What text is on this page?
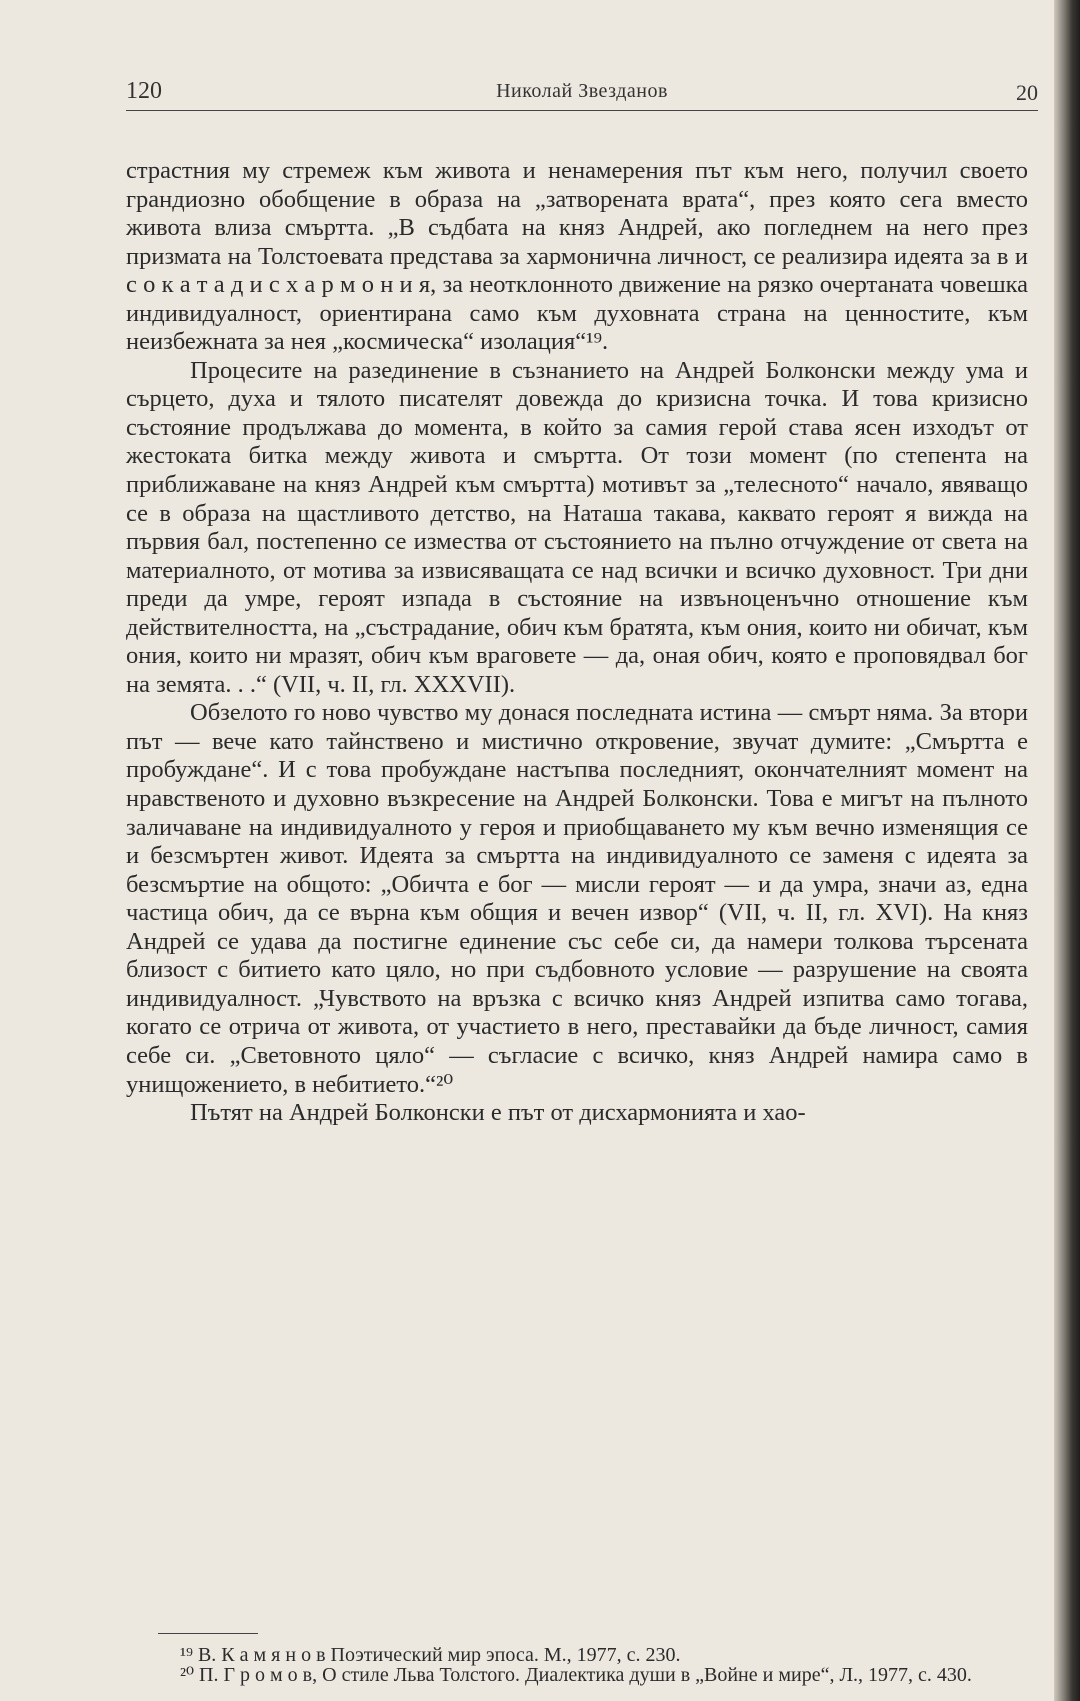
120	Николай Звезданов	20

страстния му стремеж към живота и ненамерения път към него, получил своето грандиозно обобщение в образа на „затворената врата“, през която сега вместо живота влиза смъртта. „В съдбата на княз Андрей, ако погледнем на него през призмата на Толстоевата представа за хармонична личност, се реализира идеята за в и с о к а т а д и с х а р м о н и я, за неотклонното движение на рязко очертаната човешка индивидуалност, ориентирана само към духовната страна на ценностите, към неизбежната за нея „космическа“ изолация“¹⁹.

Процесите на разединение в съзнанието на Андрей Болконски между ума и сърцето, духа и тялото писателят довежда до кризисна точка. И това кризисно състояние продължава до момента, в който за самия герой става ясен изходът от жестоката битка между живота и смъртта. От този момент (по степента на приближаване на княз Андрей към смъртта) мотивът за „телесното“ начало, явяващо се в образа на щастливото детство, на Наташа такава, каквато героят я вижда на първия бал, постепенно се измества от състоянието на пълно отчуждение от света на материалното, от мотива за извисяващата се над всички и всичко духовност. Три дни преди да умре, героят изпада в състояние на извъноценъчно отношение към действителността, на „състрадание, обич към братята, към ония, които ни обичат, към ония, които ни мразят, обич към враговете — да, оная обич, която е проповядвал бог на земята. . .“ (VII, ч. II, гл. XXXVII).

Обзелото го ново чувство му донася последната истина — смърт няма. За втори път — вече като тайнствено и мистично откровение, звучат думите: „Смъртта е пробуждане“. И с това пробуждане настъпва последният, окончателният момент на нравственото и духовно възкресение на Андрей Болконски. Това е мигът на пълното заличаване на индивидуалното у героя и приобщаването му към вечно изменящия се и безсмъртен живот. Идеята за смъртта на индивидуалното се заменя с идеята за безсмъртие на общото: „Обичта е бог — мисли героят — и да умра, значи аз, една частица обич, да се върна към общия и вечен извор“ (VII, ч. II, гл. XVI). На княз Андрей се удава да постигне единение със себе си, да намери толкова търсената близост с битието като цяло, но при съдбовното условие — разрушение на своята индивидуалност. „Чувството на връзка с всичко княз Андрей изпитва само тогава, когато се отрича от живота, от участието в него, преставайки да бъде личност, самия себе си. „Световното цяло“ — съгласие с всичко, княз Андрей намира само в унищожението, в небитието.“²⁰

Пътят на Андрей Болконски е път от дисхармонията и хао-

¹⁹ В. К а м я н о в Поэтический мир эпоса. М., 1977, с. 230.

²⁰ П. Г р о м о в, О стиле Льва Толстого. Диалектика души в „Войне и мире“, Л., 1977, с. 430.
